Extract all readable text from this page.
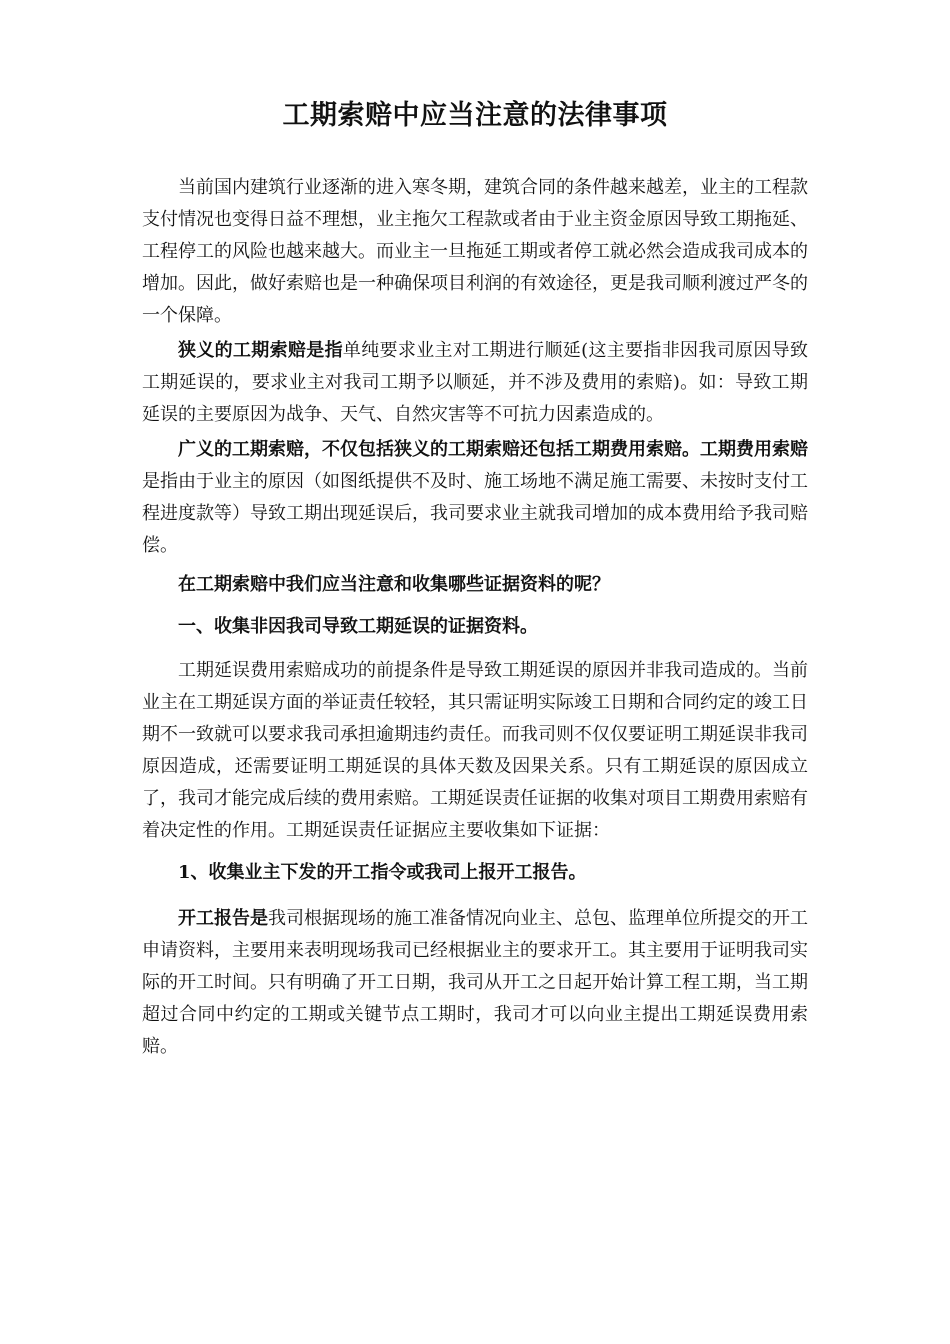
工期索赔中应当注意的法律事项

当前国内建筑行业逐渐的进入寒冬期，建筑合同的条件越来越差，业主的工程款支付情况也变得日益不理想，业主拖欠工程款或者由于业主资金原因导致工期拖延、工程停工的风险也越来越大。而业主一旦拖延工期或者停工就必然会造成我司成本的增加。因此，做好索赔也是一种确保项目利润的有效途径，更是我司顺利渡过严冬的一个保障。

狭义的工期索赔是指单纯要求业主对工期进行顺延(这主要指非因我司原因导致工期延误的，要求业主对我司工期予以顺延，并不涉及费用的索赔)。如：导致工期延误的主要原因为战争、天气、自然灾害等不可抗力因素造成的。

广义的工期索赔，不仅包括狭义的工期索赔还包括工期费用索赔。工期费用索赔是指由于业主的原因（如图纸提供不及时、施工场地不满足施工需要、未按时支付工程进度款等）导致工期出现延误后，我司要求业主就我司增加的成本费用给予我司赔偿。

在工期索赔中我们应当注意和收集哪些证据资料的呢？

一、收集非因我司导致工期延误的证据资料。

工期延误费用索赔成功的前提条件是导致工期延误的原因并非我司造成的。当前业主在工期延误方面的举证责任较轻，其只需证明实际竣工日期和合同约定的竣工日期不一致就可以要求我司承担逾期违约责任。而我司则不仅仅要证明工期延误非我司原因造成，还需要证明工期延误的具体天数及因果关系。只有工期延误的原因成立了，我司才能完成后续的费用索赔。工期延误责任证据的收集对项目工期费用索赔有着决定性的作用。工期延误责任证据应主要收集如下证据：

1、收集业主下发的开工指令或我司上报开工报告。

开工报告是我司根据现场的施工准备情况向业主、总包、监理单位所提交的开工申请资料，主要用来表明现场我司已经根据业主的要求开工。其主要用于证明我司实际的开工时间。只有明确了开工日期，我司从开工之日起开始计算工程工期，当工期超过合同中约定的工期或关键节点工期时，我司才可以向业主提出工期延误费用索赔。
